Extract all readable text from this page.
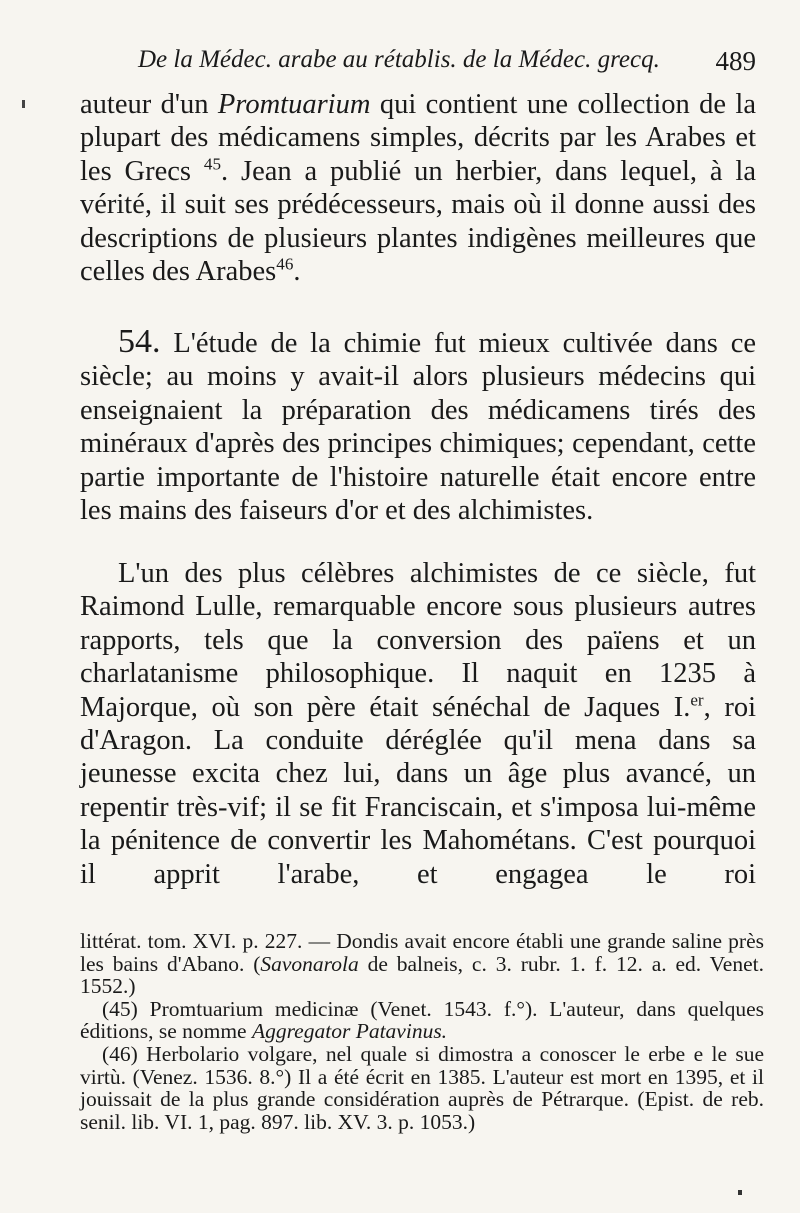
De la Médec. arabe au rétablis. de la Médec. grecq. 489

auteur d'un Promtuarium qui contient une collection de la plupart des médicamens simples, décrits par les Arabes et les Grecs $^{45}$. Jean a publié un herbier, dans lequel, à la vérité, il suit ses prédécesseurs, mais où il donne aussi des descriptions de plusieurs plantes indigènes meilleures que celles des Arabes$^{46}$.

54. L'étude de la chimie fut mieux cultivée dans ce siècle; au moins y avait-il alors plusieurs médecins qui enseignaient la préparation des médicamens tirés des minéraux d'après des principes chimiques; cependant, cette partie importante de l'histoire naturelle était encore entre les mains des faiseurs d'or et des alchimistes.

L'un des plus célèbres alchimistes de ce siècle, fut Raimond Lulle, remarquable encore sous plusieurs autres rapports, tels que la conversion des païens et un charlatanisme philosophique. Il naquit en 1235 à Majorque, où son père était sénéchal de Jaques I.$^{er}$, roi d'Aragon. La conduite déréglée qu'il mena dans sa jeunesse excita chez lui, dans un âge plus avancé, un repentir très-vif; il se fit Franciscain, et s'imposa lui-même la pénitence de convertir les Mahométans. C'est pourquoi il apprit l'arabe, et engagea le roi

littérat. tom. XVI. p. 227. — Dondis avait encore établi une grande saline près les bains d'Abano. (Savonarola de balneis, c. 3. rubr. 1. f. 12. a. ed. Venet. 1552.)

(45) Promtuarium medicinæ (Venet. 1543. f.°). L'auteur, dans quelques éditions, se nomme Aggregator Patavinus.

(46) Herbolario volgare, nel quale si dimostra a conoscer le erbe e le sue virtù. (Venez. 1536. 8.°) Il a été écrit en 1385. L'auteur est mort en 1395, et il jouissait de la plus grande considération auprès de Pétrarque. (Epist. de reb. senil. lib. VI. 1, pag. 897. lib. XV. 3. p. 1053.)
